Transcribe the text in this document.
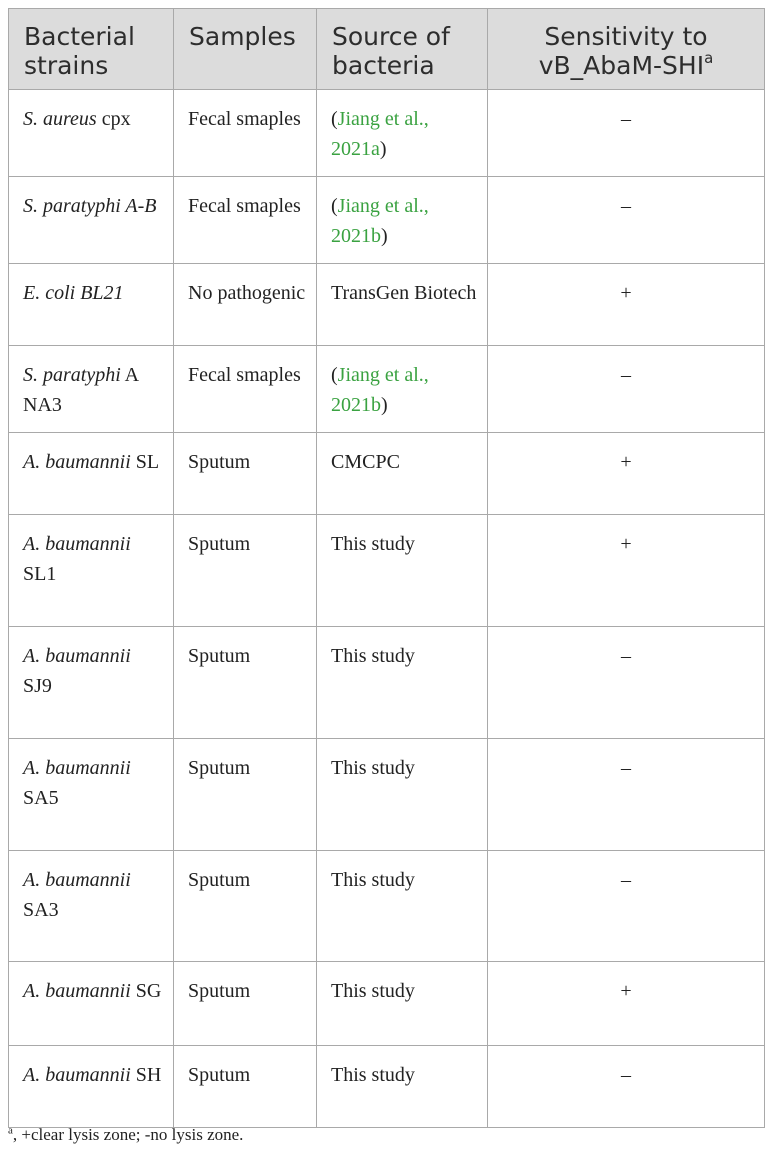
Bacterial strains	Samples	Source of bacteria	Sensitivity to vB_AbaM-SHI$^a$
S. aureus cpx	Fecal smaples	(Jiang et al., 2021a)	–
S. paratyphi A-B	Fecal smaples	(Jiang et al., 2021b)	–
E. coli BL21	No pathogenic	TransGen Biotech	+
S. paratyphi A NA3	Fecal smaples	(Jiang et al., 2021b)	–
A. baumannii SL	Sputum	CMCPC	+
A. baumannii SL1	Sputum	This study	+
A. baumannii SJ9	Sputum	This study	–
A. baumannii SA5	Sputum	This study	–
A. baumannii SA3	Sputum	This study	–
A. baumannii SG	Sputum	This study	+
A. baumannii SH	Sputum	This study	–
$^a$, +clear lysis zone; -no lysis zone.
